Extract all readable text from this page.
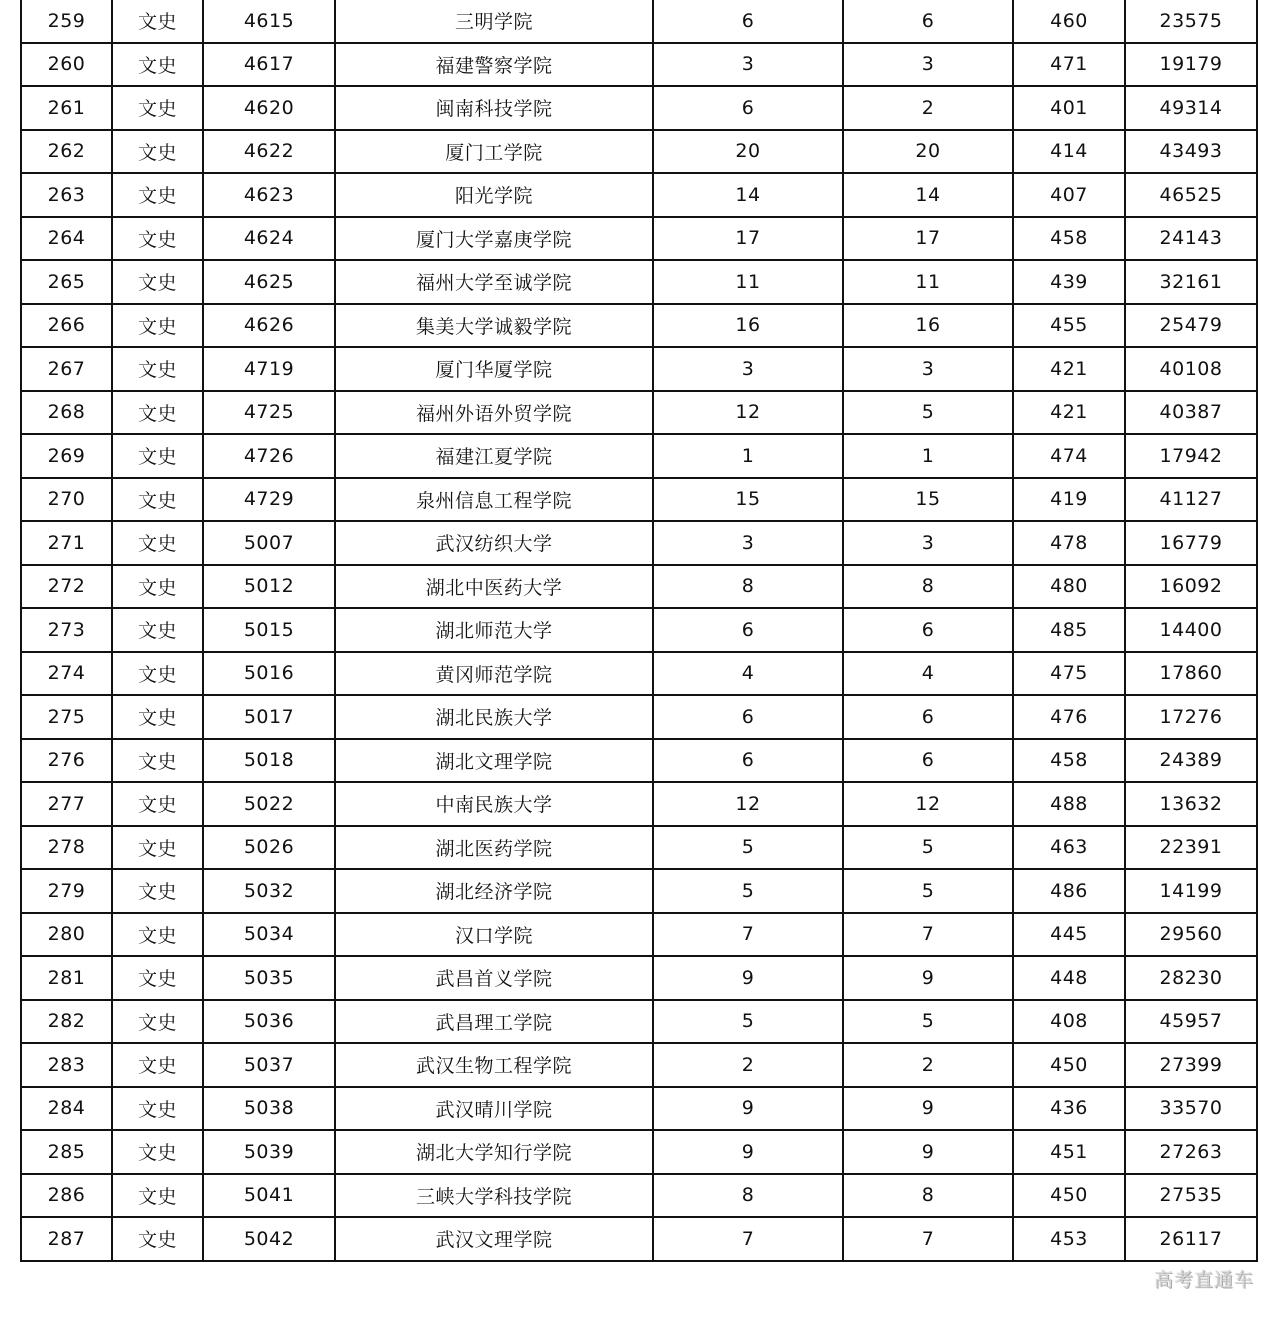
259	文史	4615	三明学院	6	6	460	23575
260	文史	4617	福建警察学院	3	3	471	19179
261	文史	4620	闽南科技学院	6	2	401	49314
262	文史	4622	厦门工学院	20	20	414	43493
263	文史	4623	阳光学院	14	14	407	46525
264	文史	4624	厦门大学嘉庚学院	17	17	458	24143
265	文史	4625	福州大学至诚学院	11	11	439	32161
266	文史	4626	集美大学诚毅学院	16	16	455	25479
267	文史	4719	厦门华厦学院	3	3	421	40108
268	文史	4725	福州外语外贸学院	12	5	421	40387
269	文史	4726	福建江夏学院	1	1	474	17942
270	文史	4729	泉州信息工程学院	15	15	419	41127
271	文史	5007	武汉纺织大学	3	3	478	16779
272	文史	5012	湖北中医药大学	8	8	480	16092
273	文史	5015	湖北师范大学	6	6	485	14400
274	文史	5016	黄冈师范学院	4	4	475	17860
275	文史	5017	湖北民族大学	6	6	476	17276
276	文史	5018	湖北文理学院	6	6	458	24389
277	文史	5022	中南民族大学	12	12	488	13632
278	文史	5026	湖北医药学院	5	5	463	22391
279	文史	5032	湖北经济学院	5	5	486	14199
280	文史	5034	汉口学院	7	7	445	29560
281	文史	5035	武昌首义学院	9	9	448	28230
282	文史	5036	武昌理工学院	5	5	408	45957
283	文史	5037	武汉生物工程学院	2	2	450	27399
284	文史	5038	武汉晴川学院	9	9	436	33570
285	文史	5039	湖北大学知行学院	9	9	451	27263
286	文史	5041	三峡大学科技学院	8	8	450	27535
287	文史	5042	武汉文理学院	7	7	453	26117
高考直通车
